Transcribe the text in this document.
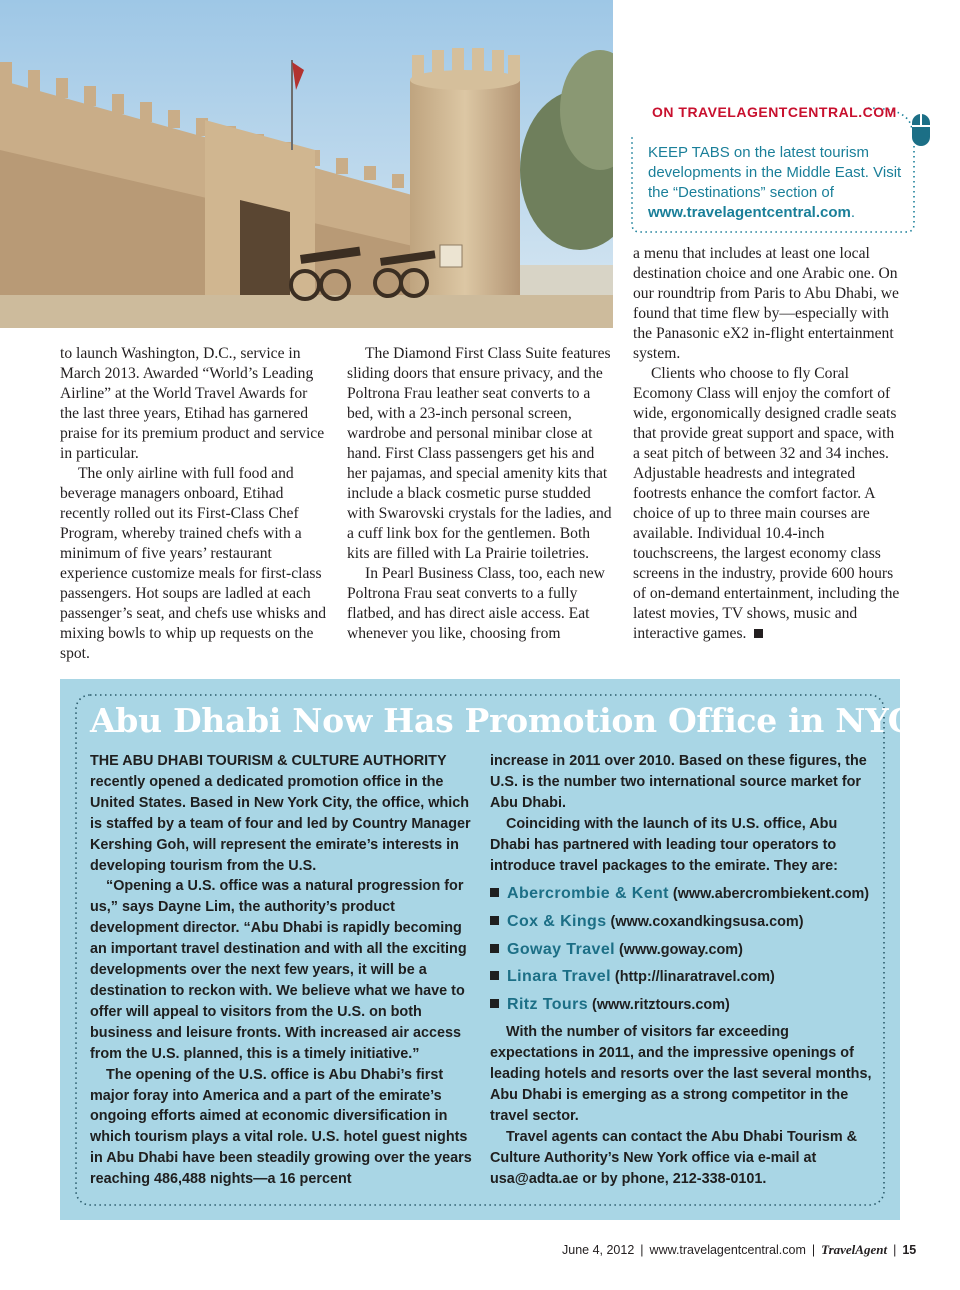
ON TRAVELAGENTCENTRAL.COM
KEEP TABS on the latest tourism developments in the Middle East. Visit the “Destinations” section of www.travelagentcentral.com.

to launch Washington, D.C., service in March 2013. Awarded “World’s Leading Airline” at the World Travel Awards for the last three years, Etihad has garnered praise for its premium product and service in particular.

The only airline with full food and beverage managers onboard, Etihad recently rolled out its First-Class Chef Program, whereby trained chefs with a minimum of five years’ restaurant experience customize meals for first-class passengers. Hot soups are ladled at each passenger’s seat, and chefs use whisks and mixing bowls to whip up requests on the spot.

The Diamond First Class Suite features sliding doors that ensure privacy, and the Poltrona Frau leather seat converts to a bed, with a 23-inch personal screen, wardrobe and personal minibar close at hand. First Class passengers get his and her pajamas, and special amenity kits that include a black cosmetic purse studded with Swarovski crystals for the ladies, and a cuff link box for the gentlemen. Both kits are filled with La Prairie toiletries.

In Pearl Business Class, too, each new Poltrona Frau seat converts to a fully flatbed, and has direct aisle access. Eat whenever you like, choosing from

a menu that includes at least one local destination choice and one Arabic one. On our roundtrip from Paris to Abu Dhabi, we found that time flew by—especially with the Panasonic eX2 in-flight entertainment system.

Clients who choose to fly Coral Ecomony Class will enjoy the comfort of wide, ergonomically designed cradle seats that provide great support and space, with a seat pitch of between 32 and 34 inches. Adjustable headrests and integrated footrests enhance the comfort factor. A choice of up to three main courses are available. Individual 10.4-inch touchscreens, the largest economy class screens in the industry, provide 600 hours of on-demand entertainment, including the latest movies, TV shows, music and interactive games.

Abu Dhabi Now Has Promotion Office in NYC

THE ABU DHABI TOURISM & CULTURE AUTHORITY recently opened a dedicated promotion office in the United States. Based in New York City, the office, which is staffed by a team of four and led by Country Manager Kershing Goh, will represent the emirate’s interests in developing tourism from the U.S.

“Opening a U.S. office was a natural progression for us,” says Dayne Lim, the authority’s product development director. “Abu Dhabi is rapidly becoming an important travel destination and with all the exciting developments over the next few years, it will be a destination to reckon with. We believe what we have to offer will appeal to visitors from the U.S. on both business and leisure fronts. With increased air access from the U.S. planned, this is a timely initiative.”

The opening of the U.S. office is Abu Dhabi’s first major foray into America and a part of the emirate’s ongoing efforts aimed at economic diversification in which tourism plays a vital role. U.S. hotel guest nights in Abu Dhabi have been steadily growing over the years reaching 486,488 nights—a 16 percent

increase in 2011 over 2010. Based on these figures, the U.S. is the number two international source market for Abu Dhabi.

Coinciding with the launch of its U.S. office, Abu Dhabi has partnered with leading tour operators to introduce travel packages to the emirate. They are:

Abercrombie & Kent (www.abercrombiekent.com)
Cox & Kings (www.coxandkingsusa.com)
Goway Travel (www.goway.com)
Linara Travel (http://linaratravel.com)
Ritz Tours (www.ritztours.com)

With the number of visitors far exceeding expectations in 2011, and the impressive openings of leading hotels and resorts over the last several months, Abu Dhabi is emerging as a strong competitor in the travel sector.

Travel agents can contact the Abu Dhabi Tourism & Culture Authority’s New York office via e-mail at usa@adta.ae or by phone, 212-338-0101.

June 4, 2012 | www.travelagentcentral.com | TravelAgent | 15
